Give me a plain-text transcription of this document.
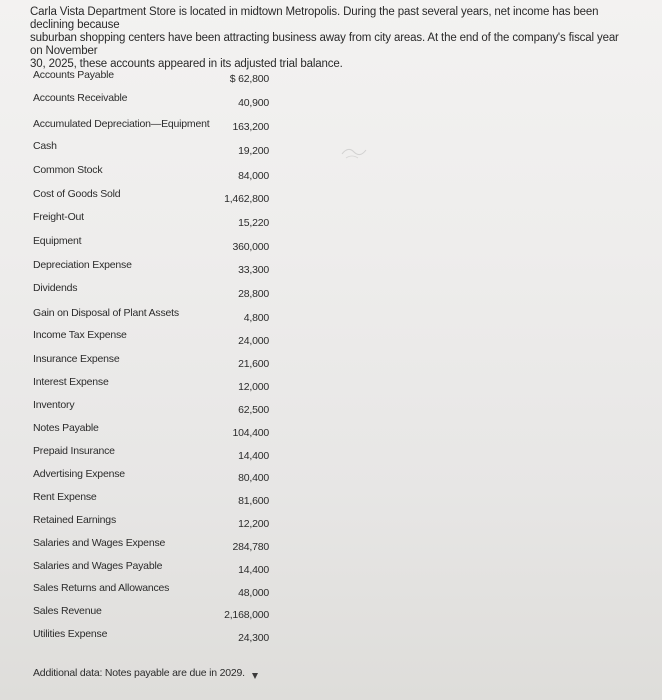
Carla Vista Department Store is located in midtown Metropolis. During the past several years, net income has been declining because
suburban shopping centers have been attracting business away from city areas. At the end of the company's fiscal year on November
30, 2025, these accounts appeared in its adjusted trial balance.
Accounts Payable	$ 62,800
Accounts Receivable	40,900
Accumulated Depreciation—Equipment 163,200
Cash	19,200
Common Stock	84,000
Cost of Goods Sold	1,462,800
Freight-Out	15,220
Equipment	360,000
Depreciation Expense	33,300
Dividends	28,800
Gain on Disposal of Plant Assets	4,800
Income Tax Expense	24,000
Insurance Expense	21,600
Interest Expense	12,000
Inventory	62,500
Notes Payable	104,400
Prepaid Insurance	14,400
Advertising Expense	80,400
Rent Expense	81,600
Retained Earnings	12,200
Salaries and Wages Expense	284,780
Salaries and Wages Payable	14,400
Sales Returns and Allowances	48,000
Sales Revenue	2,168,000
Utilities Expense	24,300
Additional data: Notes payable are due in 2029.
